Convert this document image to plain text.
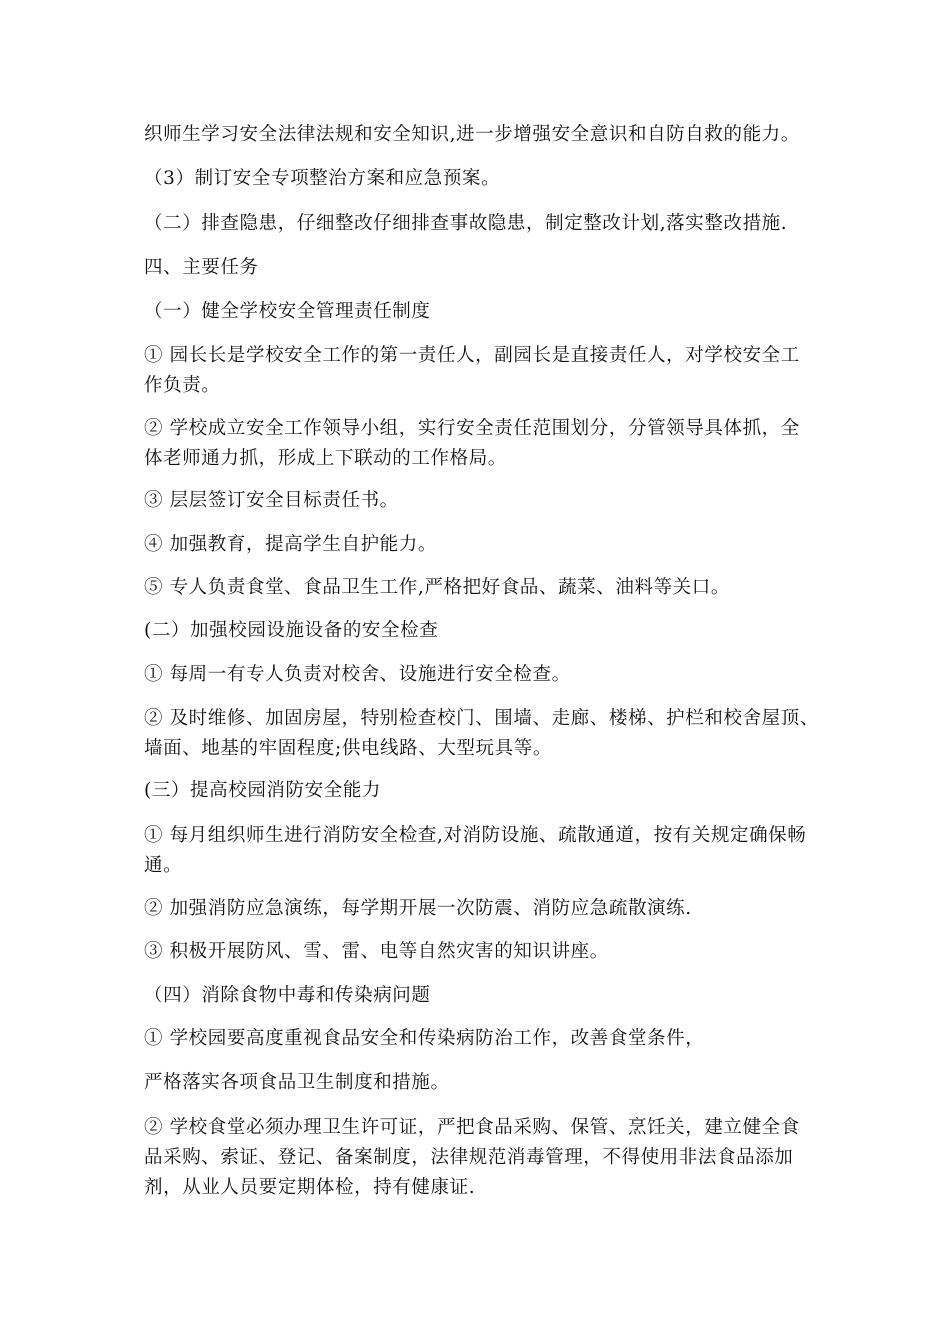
织师生学习安全法律法规和安全知识,进一步增强安全意识和自防自救的能力。
（3）制订安全专项整治方案和应急预案。
（二）排查隐患，仔细整改仔细排查事故隐患，制定整改计划,落实整改措施.
四、主要任务
（一）健全学校安全管理责任制度
① 园长长是学校安全工作的第一责任人，副园长是直接责任人，对学校安全工
作负责。
② 学校成立安全工作领导小组，实行安全责任范围划分，分管领导具体抓，全
体老师通力抓，形成上下联动的工作格局。
③ 层层签订安全目标责任书。
④ 加强教育，提高学生自护能力。
⑤ 专人负责食堂、食品卫生工作,严格把好食品、蔬菜、油料等关口。
(二）加强校园设施设备的安全检查
① 每周一有专人负责对校舍、设施进行安全检查。
② 及时维修、加固房屋，特别检查校门、围墙、走廊、楼梯、护栏和校舍屋顶、
墙面、地基的牢固程度;供电线路、大型玩具等。
(三）提高校园消防安全能力
① 每月组织师生进行消防安全检查,对消防设施、疏散通道，按有关规定确保畅
通。
② 加强消防应急演练，每学期开展一次防震、消防应急疏散演练.
③ 积极开展防风、雪、雷、电等自然灾害的知识讲座。
（四）消除食物中毒和传染病问题
① 学校园要高度重视食品安全和传染病防治工作，改善食堂条件，
严格落实各项食品卫生制度和措施。
② 学校食堂必须办理卫生许可证，严把食品采购、保管、烹饪关，建立健全食
品采购、索证、登记、备案制度，法律规范消毒管理，不得使用非法食品添加
剂，从业人员要定期体检，持有健康证.
